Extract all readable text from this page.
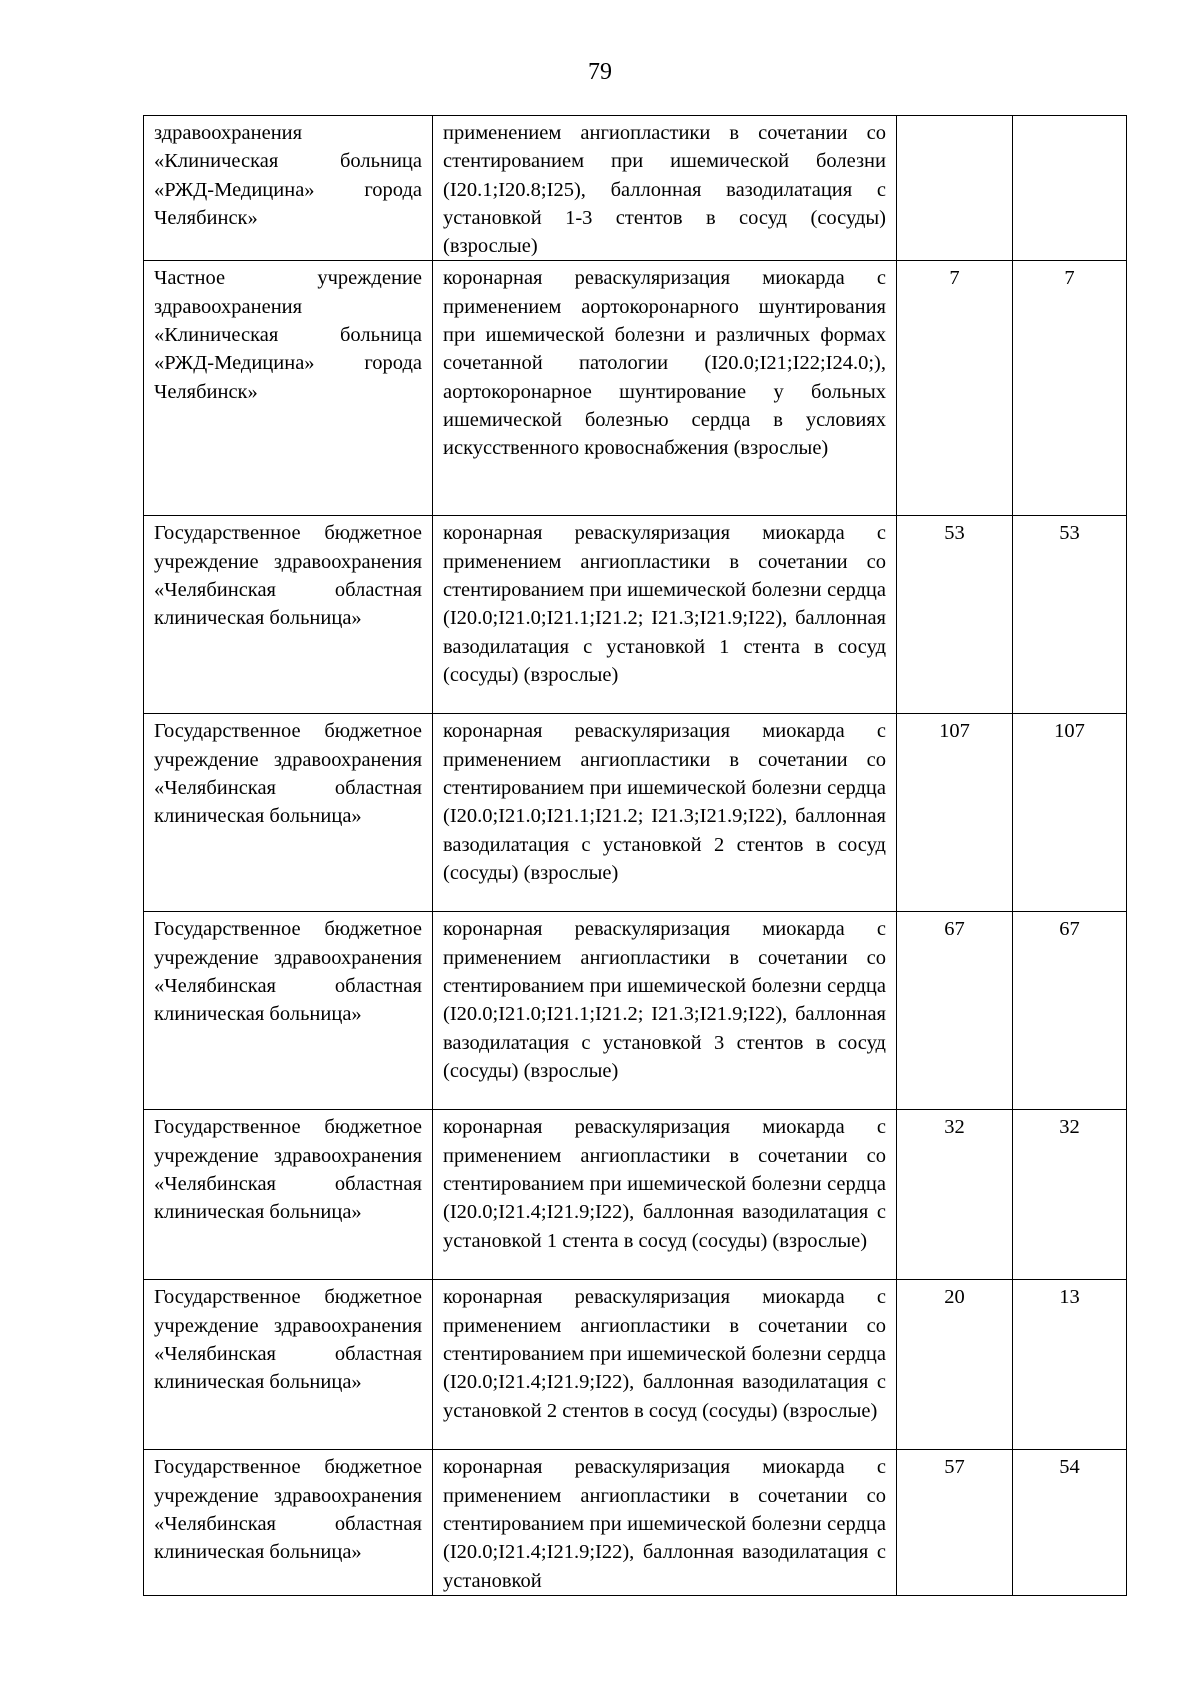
79
здравоохранения «Клиническая больница «РЖД-Медицина» города Челябинск»	применением ангиопластики в сочетании со стентированием при ишемической болезни (I20.1;I20.8;I25), баллонная вазодилатация с установкой 1-3 стентов в сосуд (сосуды) (взрослые)		
Частное учреждение здравоохранения «Клиническая больница «РЖД-Медицина» города Челябинск»	коронарная реваскуляризация миокарда с применением аортокоронарного шунтирования при ишемической болезни и различных формах сочетанной патологии (I20.0;I21;I22;I24.0;), аортокоронарное шунтирование у больных ишемической болезнью сердца в условиях искусственного кровоснабжения (взрослые)	7	7
Государственное бюджетное учреждение здравоохранения «Челябинская областная клиническая больница»	коронарная реваскуляризация миокарда с применением ангиопластики в сочетании со стентированием при ишемической болезни сердца (I20.0;I21.0;I21.1;I21.2; I21.3;I21.9;I22), баллонная вазодилатация с установкой 1 стента в сосуд (сосуды) (взрослые)	53	53
Государственное бюджетное учреждение здравоохранения «Челябинская областная клиническая больница»	коронарная реваскуляризация миокарда с применением ангиопластики в сочетании со стентированием при ишемической болезни сердца (I20.0;I21.0;I21.1;I21.2; I21.3;I21.9;I22), баллонная вазодилатация с установкой 2 стентов в сосуд (сосуды) (взрослые)	107	107
Государственное бюджетное учреждение здравоохранения «Челябинская областная клиническая больница»	коронарная реваскуляризация миокарда с применением ангиопластики в сочетании со стентированием при ишемической болезни сердца (I20.0;I21.0;I21.1;I21.2; I21.3;I21.9;I22), баллонная вазодилатация с установкой 3 стентов в сосуд (сосуды) (взрослые)	67	67
Государственное бюджетное учреждение здравоохранения «Челябинская областная клиническая больница»	коронарная реваскуляризация миокарда с применением ангиопластики в сочетании со стентированием при ишемической болезни сердца (I20.0;I21.4;I21.9;I22), баллонная вазодилатация с установкой 1 стента в сосуд (сосуды) (взрослые)	32	32
Государственное бюджетное учреждение здравоохранения «Челябинская областная клиническая больница»	коронарная реваскуляризация миокарда с применением ангиопластики в сочетании со стентированием при ишемической болезни сердца (I20.0;I21.4;I21.9;I22), баллонная вазодилатация с установкой 2 стентов в сосуд (сосуды) (взрослые)	20	13
Государственное бюджетное учреждение здравоохранения «Челябинская областная клиническая больница»	коронарная реваскуляризация миокарда с применением ангиопластики в сочетании со стентированием при ишемической болезни сердца (I20.0;I21.4;I21.9;I22), баллонная вазодилатация с установкой	57	54
